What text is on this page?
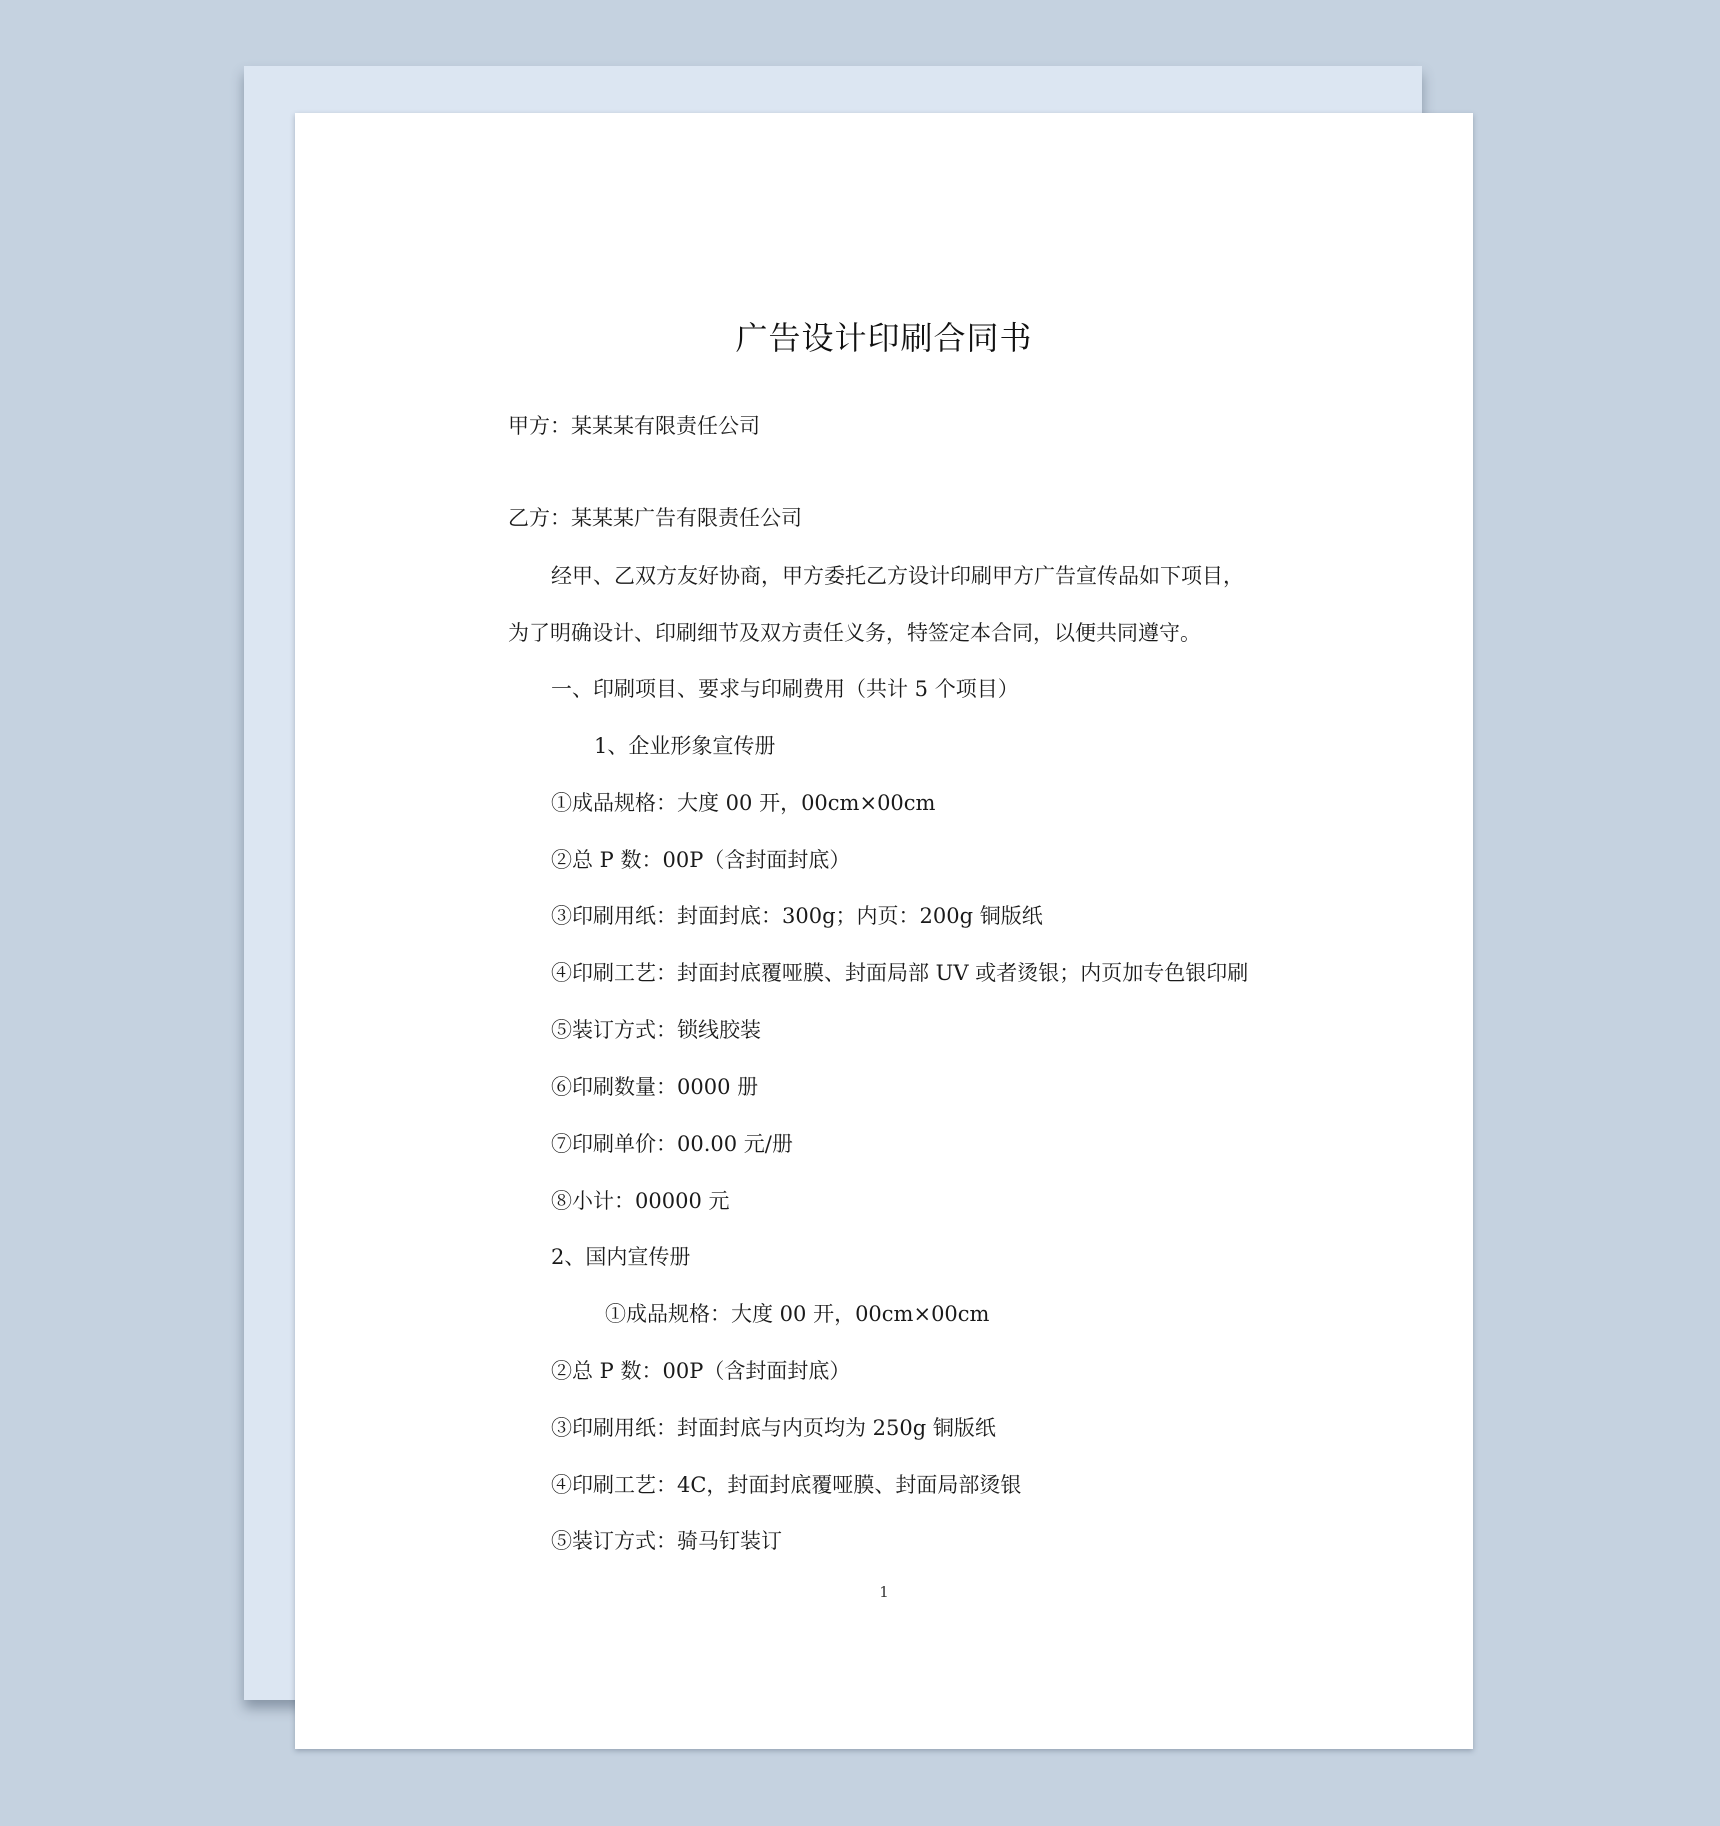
广告设计印刷合同书
甲方：某某某有限责任公司
乙方：某某某广告有限责任公司
经甲、乙双方友好协商，甲方委托乙方设计印刷甲方广告宣传品如下项目，
为了明确设计、印刷细节及双方责任义务，特签定本合同，以便共同遵守。
一、印刷项目、要求与印刷费用（共计 5 个项目）
1、企业形象宣传册
①成品规格：大度 00 开，00cm×00cm
②总 P 数：00P（含封面封底）
③印刷用纸：封面封底：300g；内页：200g 铜版纸
④印刷工艺：封面封底覆哑膜、封面局部 UV 或者烫银；内页加专色银印刷
⑤装订方式：锁线胶装
⑥印刷数量：0000 册
⑦印刷单价：00.00 元/册
⑧小计：00000 元
2、国内宣传册
①成品规格：大度 00 开，00cm×00cm
②总 P 数：00P（含封面封底）
③印刷用纸：封面封底与内页均为 250g 铜版纸
④印刷工艺：4C，封面封底覆哑膜、封面局部烫银
⑤装订方式：骑马钉装订
1
